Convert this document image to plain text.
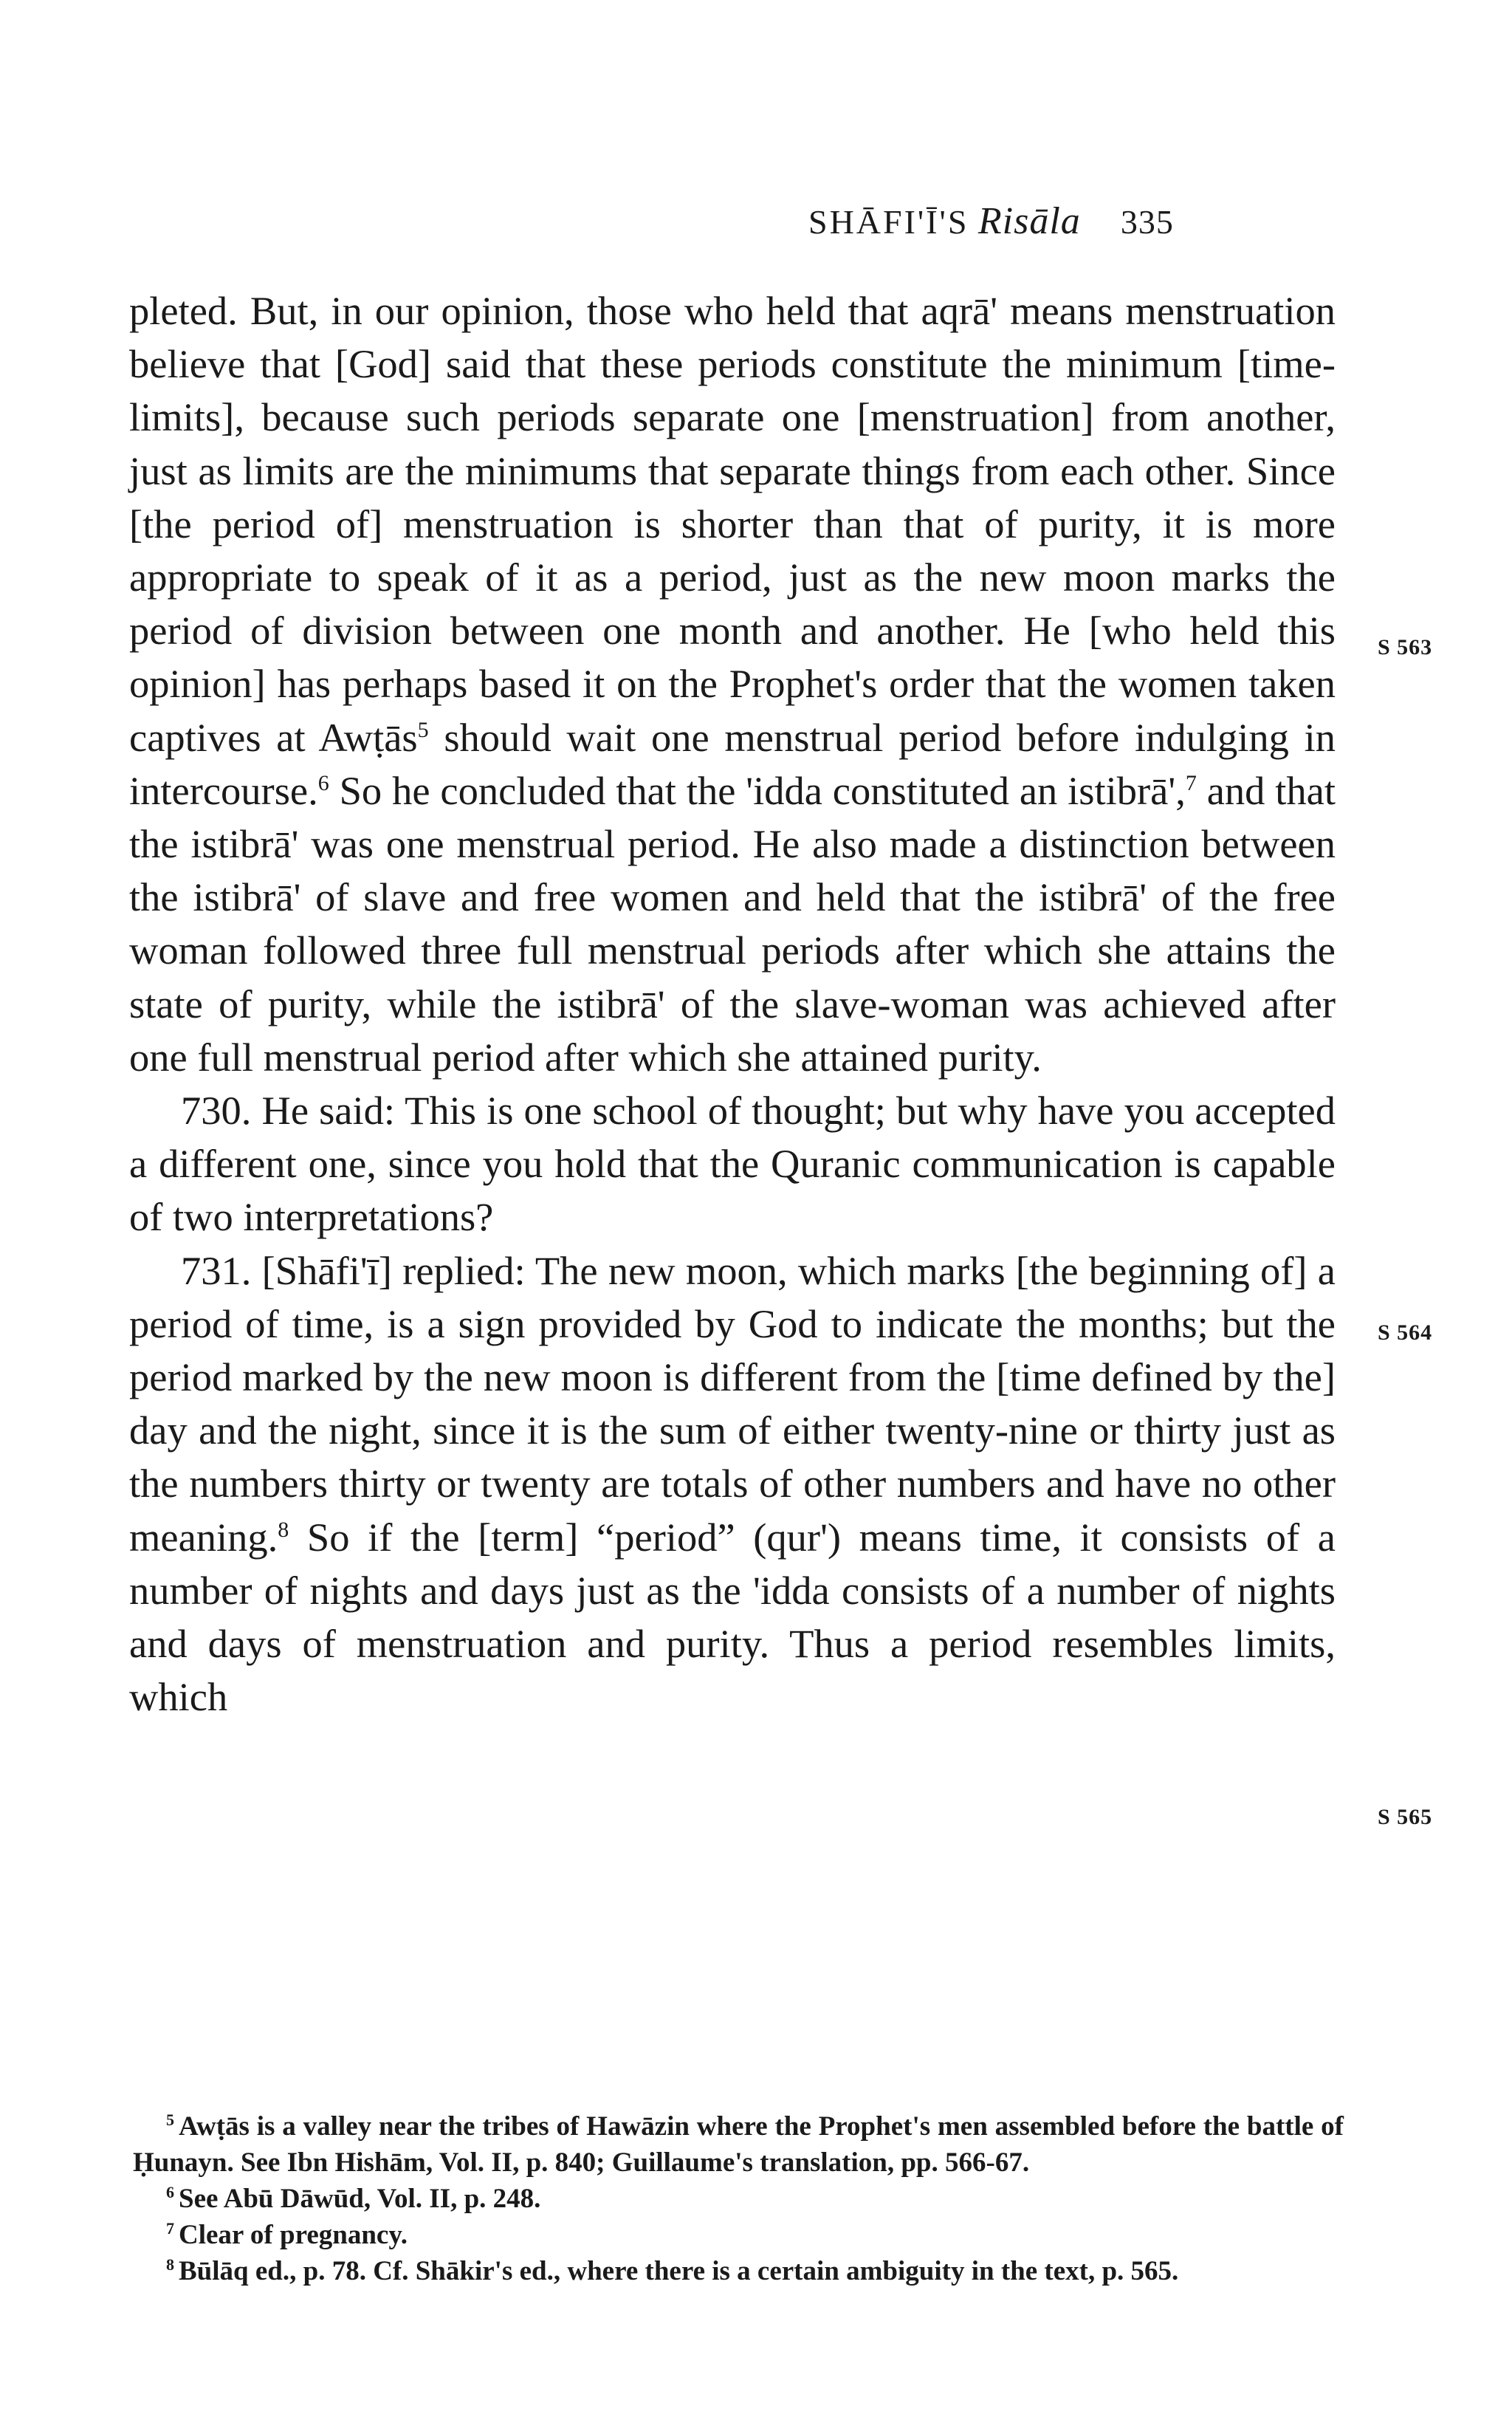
SHĀFI'Ī'S Risāla 335

pleted. But, in our opinion, those who held that aqrā' means menstruation believe that [God] said that these periods constitute the minimum [time-limits], because such periods separate one [menstruation] from another, just as limits are the minimums that separate things from each other. Since [the period of] menstruation is shorter than that of purity, it is more appropriate to speak of it as a period, just as the new moon marks the period of division between one month and another. He [who held this opinion] has perhaps based it on the Prophet's order that the women taken captives at Awṭās$^5$ should wait one menstrual period before indulging in intercourse.$^6$ So he concluded that the 'idda constituted an istibrā',$^7$ and that the istibrā' was one menstrual period. He also made a distinction between the istibrā' of slave and free women and held that the istibrā' of the free woman followed three full menstrual periods after which she attains the state of purity, while the istibrā' of the slave-woman was achieved after one full menstrual period after which she attained purity.

730. He said: This is one school of thought; but why have you accepted a different one, since you hold that the Quranic communication is capable of two interpretations?

731. [Shāfi'ī] replied: The new moon, which marks [the beginning of] a period of time, is a sign provided by God to indicate the months; but the period marked by the new moon is different from the [time defined by the] day and the night, since it is the sum of either twenty-nine or thirty just as the numbers thirty or twenty are totals of other numbers and have no other meaning.$^8$ So if the [term] “period” (qur') means time, it consists of a number of nights and days just as the 'idda consists of a number of nights and days of menstruation and purity. Thus a period resembles limits, which

S 563
S 564
S 565

$^5$ Awṭās is a valley near the tribes of Hawāzin where the Prophet's men assembled before the battle of Ḥunayn. See Ibn Hishām, Vol. II, p. 840; Guillaume's translation, pp. 566-67.

$^6$ See Abū Dāwūd, Vol. II, p. 248.

$^7$ Clear of pregnancy.

$^8$ Būlāq ed., p. 78. Cf. Shākir's ed., where there is a certain ambiguity in the text, p. 565.
